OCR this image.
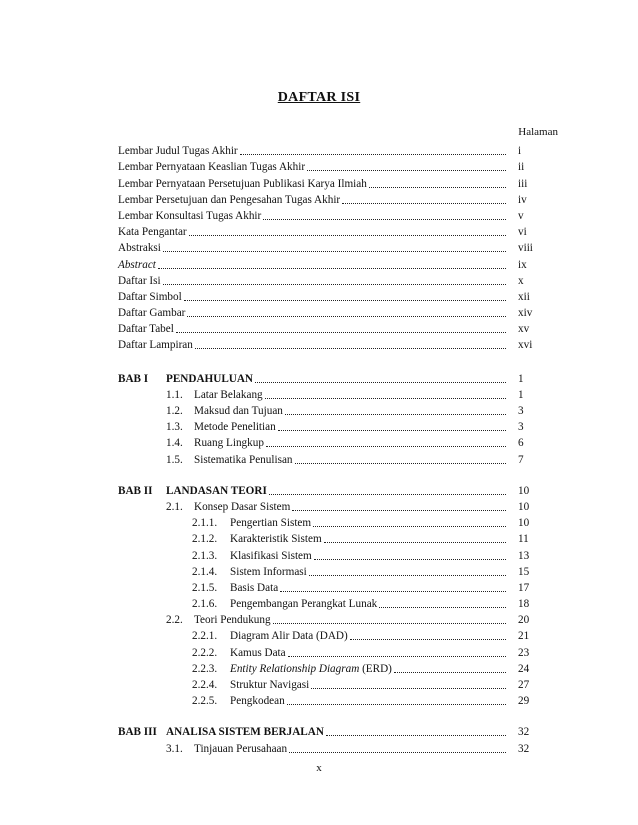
DAFTAR ISI
Halaman
Lembar Judul Tugas Akhir	i
Lembar Pernyataan Keaslian Tugas Akhir	ii
Lembar Pernyataan Persetujuan Publikasi Karya Ilmiah	iii
Lembar Persetujuan dan Pengesahan Tugas Akhir	iv
Lembar Konsultasi Tugas Akhir	v
Kata Pengantar	vi
Abstraksi	viii
Abstract	ix
Daftar Isi	x
Daftar Simbol	xii
Daftar Gambar	xiv
Daftar Tabel	xv
Daftar Lampiran	xvi
BAB I	PENDAHULUAN	1
1.1.	Latar Belakang	1
1.2.	Maksud dan Tujuan	3
1.3.	Metode Penelitian	3
1.4.	Ruang Lingkup	6
1.5.	Sistematika Penulisan	7
BAB II	LANDASAN TEORI	10
2.1.	Konsep Dasar Sistem	10
2.1.1.	Pengertian Sistem	10
2.1.2.	Karakteristik Sistem	11
2.1.3.	Klasifikasi Sistem	13
2.1.4.	Sistem Informasi	15
2.1.5.	Basis Data	17
2.1.6.	Pengembangan Perangkat Lunak	18
2.2.	Teori Pendukung	20
2.2.1.	Diagram Alir Data (DAD)	21
2.2.2.	Kamus Data	23
2.2.3.	Entity Relationship Diagram (ERD)	24
2.2.4.	Struktur Navigasi	27
2.2.5.	Pengkodean	29
BAB III ANALISA SISTEM BERJALAN	32
3.1.	Tinjauan Perusahaan	32
x
